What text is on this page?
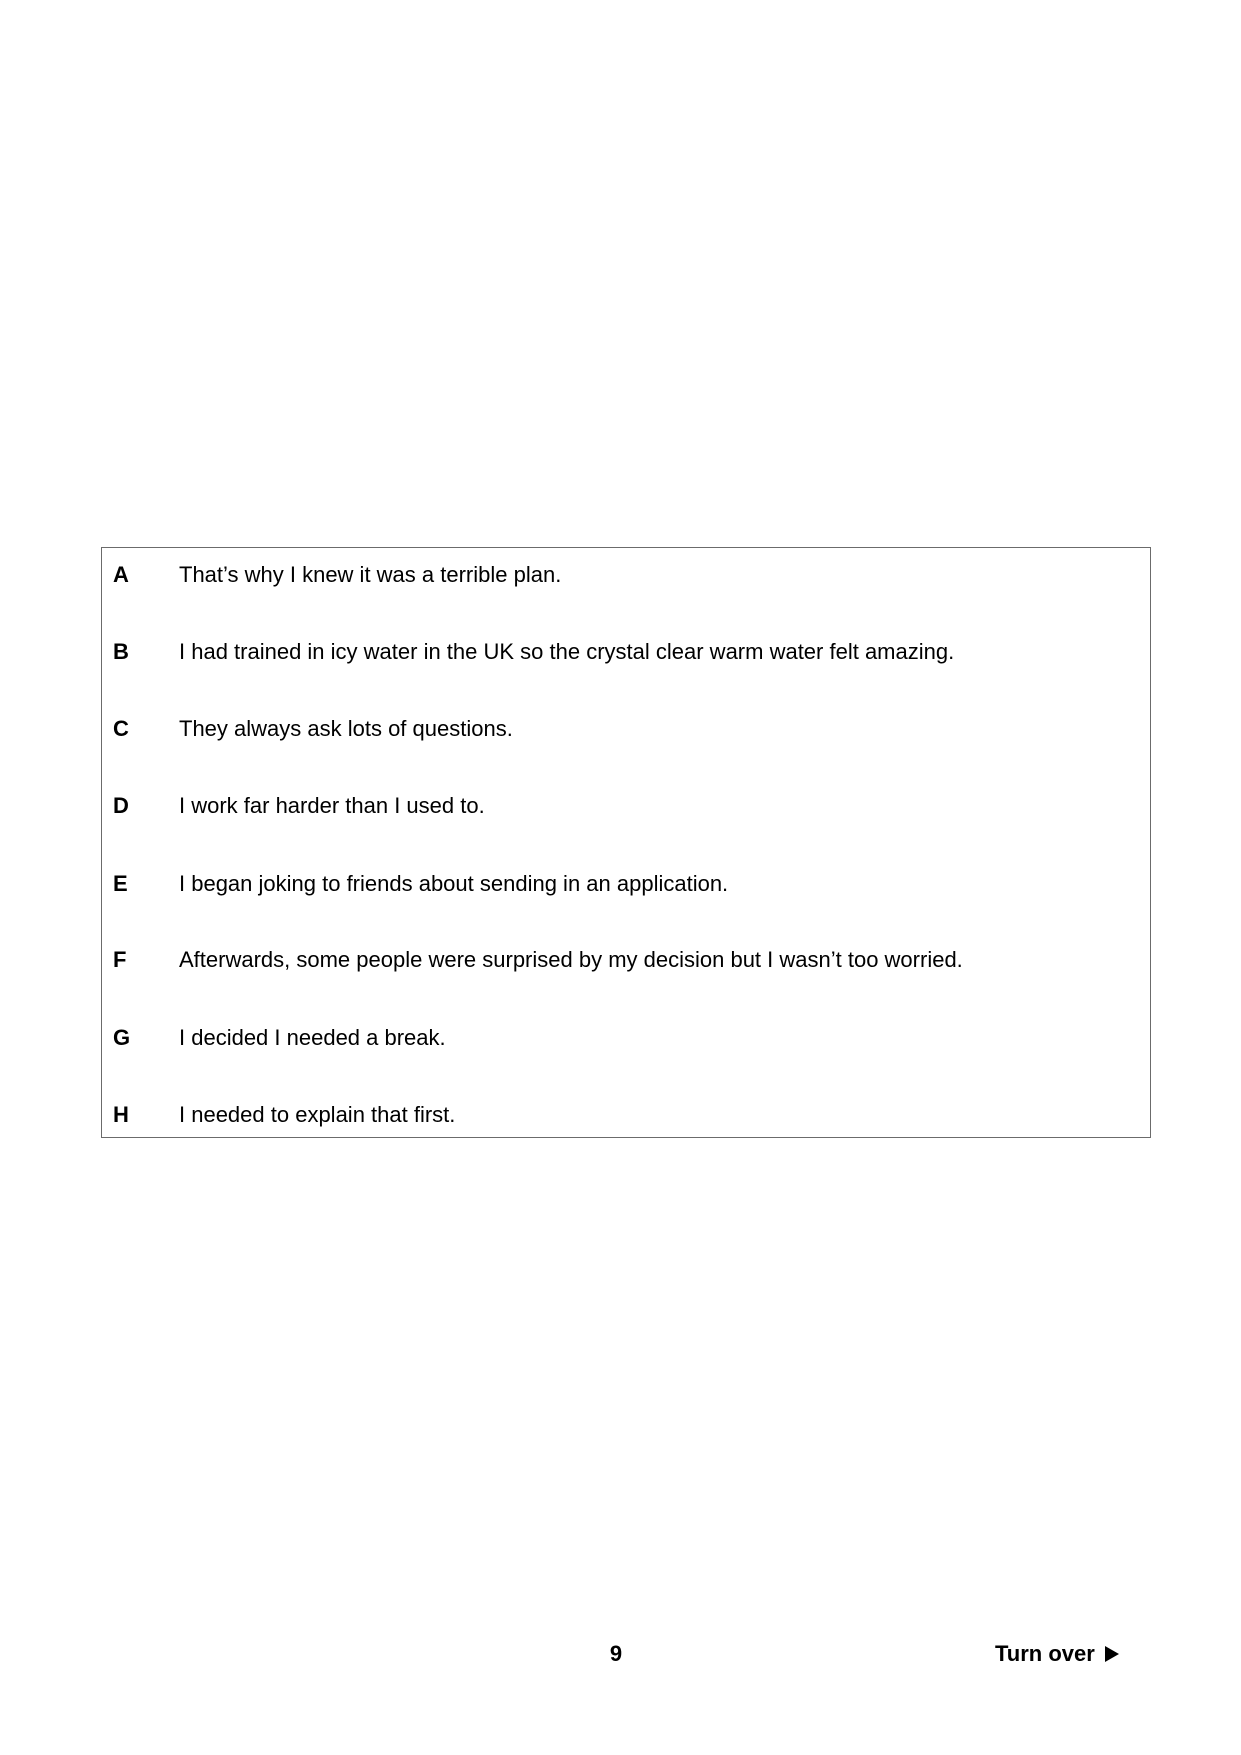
A That’s why I knew it was a terrible plan.
B I had trained in icy water in the UK so the crystal clear warm water felt amazing.
C They always ask lots of questions.
D I work far harder than I used to.
E I began joking to friends about sending in an application.
F Afterwards, some people were surprised by my decision but I wasn’t too worried.
G I decided I needed a break.
H I needed to explain that first.
9	Turn over
